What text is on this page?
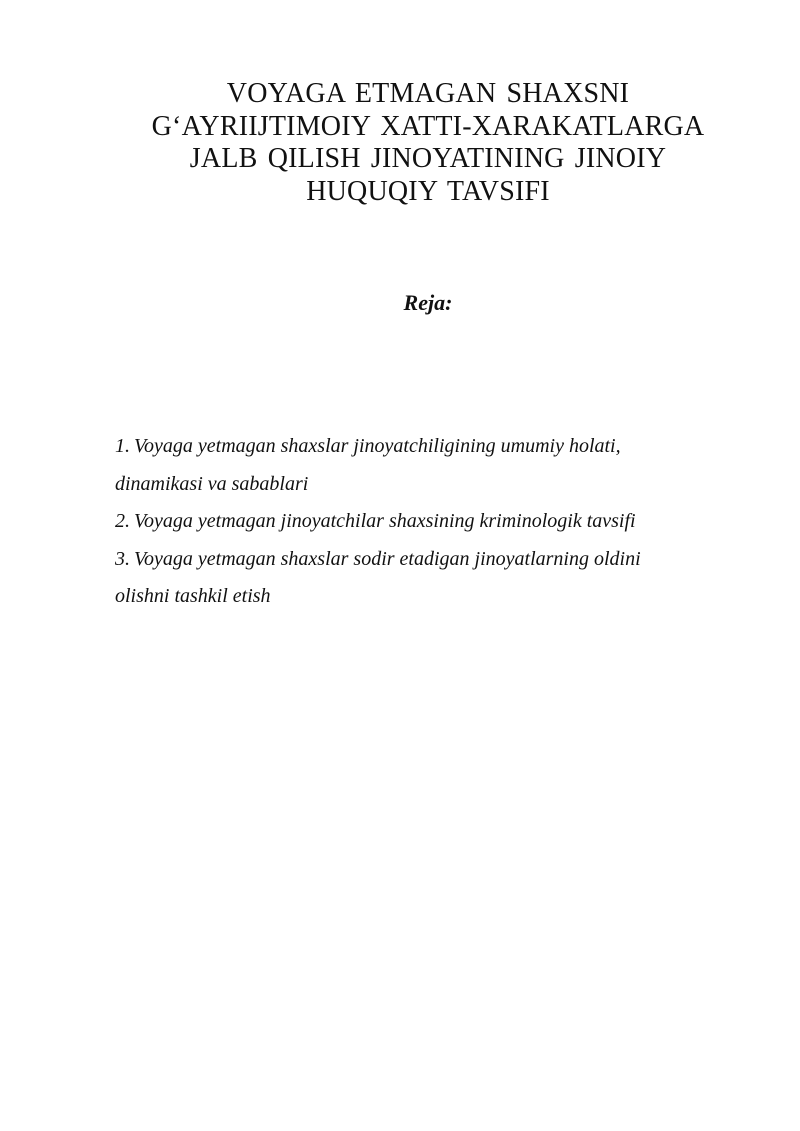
VOYAGA ETMAGAN SHAXSNI
G‘AYRIIJTIMOIY XATTI-XARAKATLARGA
JALB QILISH JINOYATINING JINOIY
HUQUQIY TAVSIFI
Reja:
1. Voyaga yetmagan shaxslar jinoyatchiligining umumiy holati,
dinamikasi va sabablari
2. Voyaga yetmagan jinoyatchilar shaxsining kriminologik tavsifi
3. Voyaga yetmagan shaxslar sodir etadigan jinoyatlarning oldini
olishni tashkil etish
